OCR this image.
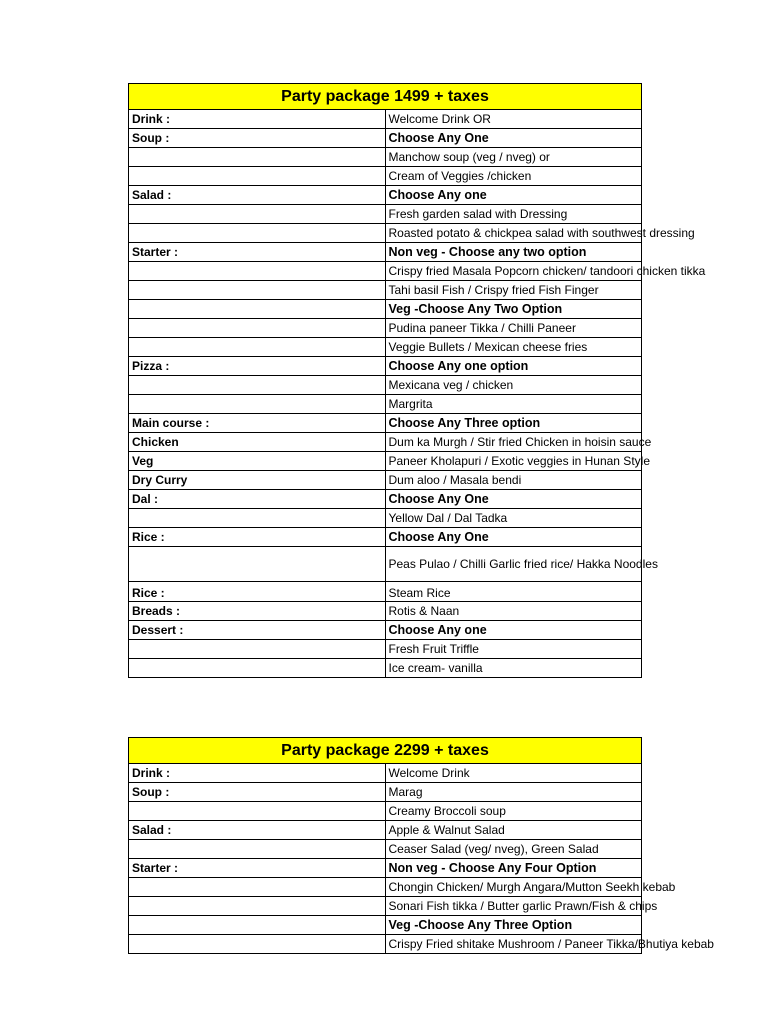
Party package 1499 + taxes	
Drink :	Welcome Drink OR
Soup :	Choose Any One
	Manchow soup (veg / nveg) or
	Cream of Veggies /chicken
Salad :	Choose Any one
	Fresh garden salad with Dressing
	Roasted potato & chickpea salad with southwest dressing
Starter :	Non veg - Choose any two option
	Crispy fried Masala Popcorn chicken/ tandoori chicken tikka
	Tahi basil Fish / Crispy fried Fish Finger
	Veg -Choose Any Two Option
	Pudina paneer Tikka / Chilli Paneer
	Veggie Bullets / Mexican cheese fries
Pizza :	Choose Any one option
	Mexicana veg / chicken
	Margrita
Main course :	Choose Any Three option
Chicken	Dum ka Murgh / Stir fried Chicken in hoisin sauce
Veg	Paneer Kholapuri / Exotic veggies in Hunan Style
Dry Curry	Dum aloo / Masala bendi
Dal :	Choose Any One
	Yellow Dal / Dal Tadka
Rice :	Choose Any One
	Peas Pulao / Chilli Garlic fried rice/ Hakka Noodles
Rice :	Steam Rice
Breads :	Rotis & Naan
Dessert :	Choose Any one
	Fresh Fruit Triffle
	Ice cream- vanilla
Party package 2299 + taxes	
Drink :	Welcome Drink
Soup :	Marag
	Creamy Broccoli soup
Salad :	Apple & Walnut Salad
	Ceaser Salad (veg/ nveg), Green Salad
Starter :	Non veg - Choose Any Four Option
	Chongin Chicken/ Murgh Angara/Mutton Seekh kebab
	Sonari Fish tikka / Butter garlic Prawn/Fish & chips
	Veg -Choose Any Three Option
	Crispy Fried shitake Mushroom / Paneer Tikka/Bhutiya kebab
